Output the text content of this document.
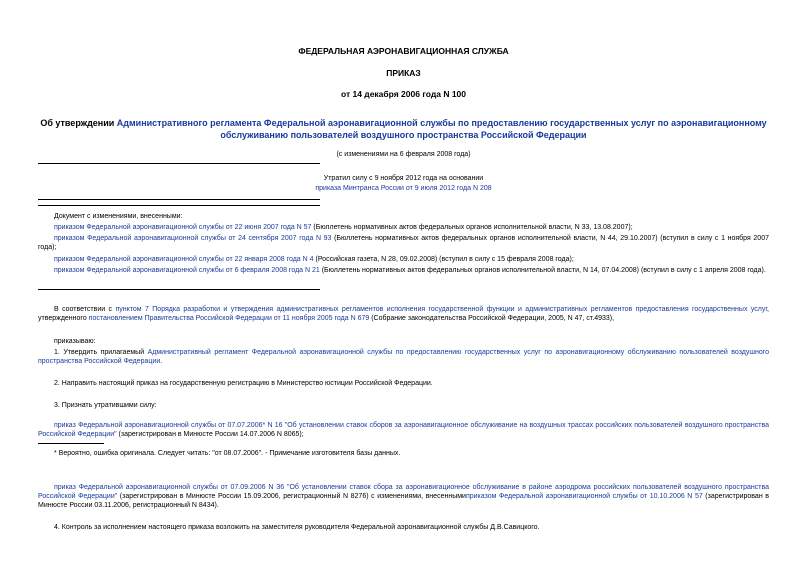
ФЕДЕРАЛЬНАЯ АЭРОНАВИГАЦИОННАЯ СЛУЖБА
ПРИКАЗ
от 14 декабря 2006 года N 100
Об утверждении Административного регламента Федеральной аэронавигационной службы по предоставлению государственных услуг по аэронавигационному обслуживанию пользователей воздушного пространства Российской Федерации
(с изменениями на 6 февраля 2008 года)
Утратил силу с 9 ноября 2012 года на основании
приказа Минтранса России от 9 июля 2012 года N 208
Документ с изменениями, внесенными:
приказом Федеральной аэронавигационной службы от 22 июня 2007 года N 57 (Бюллетень нормативных актов федеральных органов исполнительной власти, N 33, 13.08.2007);
приказом Федеральной аэронавигационной службы от 24 сентября 2007 года N 93 (Бюллетень нормативных актов федеральных органов исполнительной власти, N 44, 29.10.2007) (вступил в силу с 1 ноября 2007 года);
приказом Федеральной аэронавигационной службы от 22 января 2008 года N 4 (Российская газета, N 28, 09.02.2008) (вступил в силу с 15 февраля 2008 года);
приказом Федеральной аэронавигационной службы от 6 февраля 2008 года N 21 (Бюллетень нормативных актов федеральных органов исполнительной власти, N 14, 07.04.2008) (вступил в силу с 1 апреля 2008 года).
В соответствии с пунктом 7 Порядка разработки и утверждения административных регламентов исполнения государственной функции и административных регламентов предоставления государственных услуг, утвержденного постановлением Правительства Российской Федерации от 11 ноября 2005 года N 679 (Собрание законодательства Российской Федерации, 2005, N 47, ст.4933),
приказываю:
1. Утвердить прилагаемый Административный регламент Федеральной аэронавигационной службы по предоставлению государственных услуг по аэронавигационному обслуживанию пользователей воздушного пространства Российской Федерации.
2. Направить настоящий приказ на государственную регистрацию в Министерство юстиции Российской Федерации.
3. Признать утратившими силу:
приказ Федеральной аэронавигационной службы от 07.07.2006* N 16 "Об установлении ставок сборов за аэронавигационное обслуживание на воздушных трассах российских пользователей воздушного пространства Российской Федерации" (зарегистрирован в Минюсте России 14.07.2006 N 8065);
* Вероятно, ошибка оригинала. Следует читать: "от 08.07.2006". - Примечание изготовителя базы данных.
приказ Федеральной аэронавигационной службы от 07.09.2006 N 36 "Об установлении ставок сбора за аэронавигационное обслуживание в районе аэродрома российских пользователей воздушного пространства Российской Федерации" (зарегистрирован в Минюсте России 15.09.2006, регистрационный N 8276) с изменениями, внесеннымиприказом Федеральной аэронавигационной службы от 10.10.2006 N 57 (зарегистрирован в Минюсте России 03.11.2006, регистрационный N 8434).
4. Контроль за исполнением настоящего приказа возложить на заместителя руководителя Федеральной аэронавигационной службы Д.В.Савицкого.
